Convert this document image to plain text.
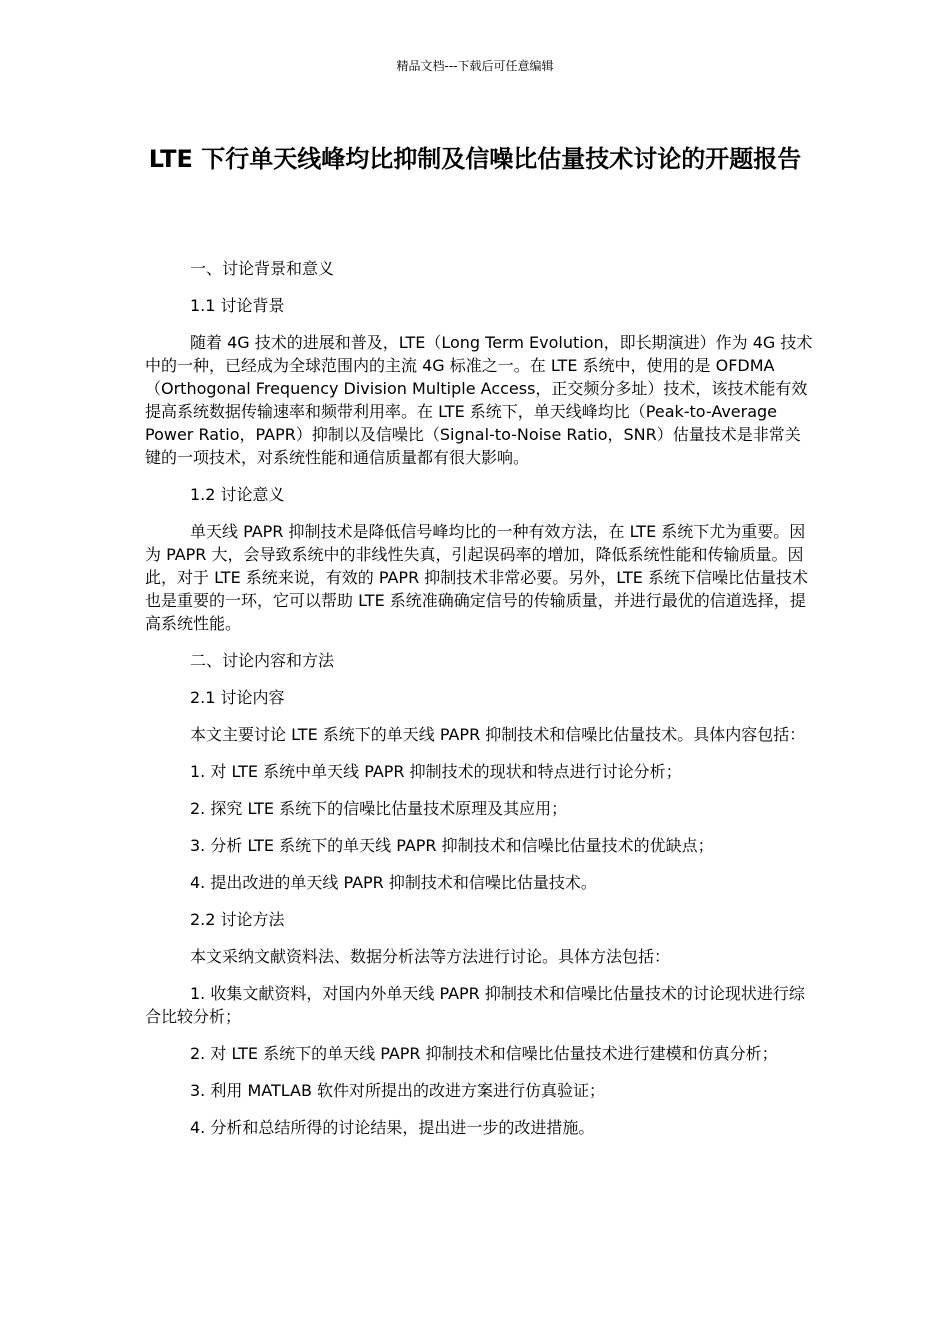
精品文档---下载后可任意编辑
LTE 下行单天线峰均比抑制及信噪比估量技术讨论的开题报告

一、讨论背景和意义

1.1 讨论背景

随着 4G 技术的进展和普及，LTE（Long Term Evolution，即长期演进）作为 4G 技术中的一种，已经成为全球范围内的主流 4G 标准之一。在 LTE 系统中，使用的是 OFDMA（Orthogonal Frequency Division Multiple Access，正交频分多址）技术，该技术能有效提高系统数据传输速率和频带利用率。在 LTE 系统下，单天线峰均比（Peak-to-Average Power Ratio，PAPR）抑制以及信噪比（Signal-to-Noise Ratio，SNR）估量技术是非常关键的一项技术，对系统性能和通信质量都有很大影响。

1.2 讨论意义

单天线 PAPR 抑制技术是降低信号峰均比的一种有效方法，在 LTE 系统下尤为重要。因为 PAPR 大，会导致系统中的非线性失真，引起误码率的增加，降低系统性能和传输质量。因此，对于 LTE 系统来说，有效的 PAPR 抑制技术非常必要。另外，LTE 系统下信噪比估量技术也是重要的一环，它可以帮助 LTE 系统准确确定信号的传输质量，并进行最优的信道选择，提高系统性能。

二、讨论内容和方法

2.1 讨论内容

本文主要讨论 LTE 系统下的单天线 PAPR 抑制技术和信噪比估量技术。具体内容包括：

1. 对 LTE 系统中单天线 PAPR 抑制技术的现状和特点进行讨论分析；

2. 探究 LTE 系统下的信噪比估量技术原理及其应用；

3. 分析 LTE 系统下的单天线 PAPR 抑制技术和信噪比估量技术的优缺点；

4. 提出改进的单天线 PAPR 抑制技术和信噪比估量技术。

2.2 讨论方法

本文采纳文献资料法、数据分析法等方法进行讨论。具体方法包括：

1. 收集文献资料，对国内外单天线 PAPR 抑制技术和信噪比估量技术的讨论现状进行综合比较分析；

2. 对 LTE 系统下的单天线 PAPR 抑制技术和信噪比估量技术进行建模和仿真分析；

3. 利用 MATLAB 软件对所提出的改进方案进行仿真验证；

4. 分析和总结所得的讨论结果，提出进一步的改进措施。
